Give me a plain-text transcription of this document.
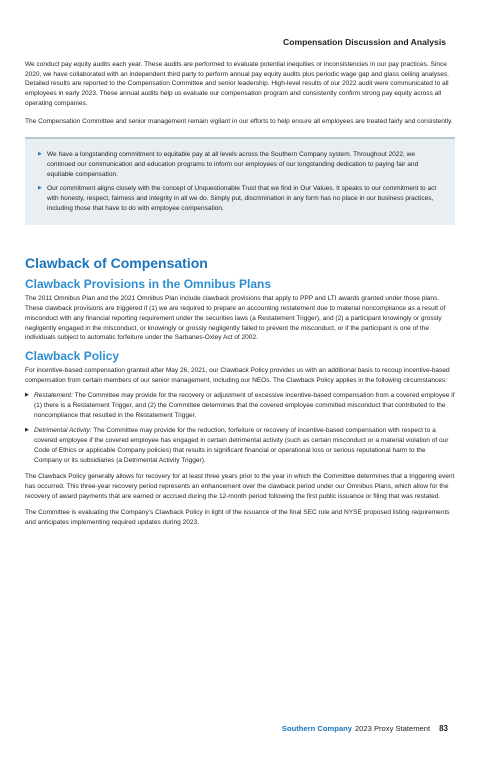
Compensation Discussion and Analysis

We conduct pay equity audits each year. These audits are performed to evaluate potential inequities or inconsistencies in our pay practices. Since 2020, we have collaborated with an independent third party to perform annual pay equity audits plus periodic wage gap and glass ceiling analyses. Detailed results are reported to the Compensation Committee and senior leadership. High-level results of our 2022 audit were communicated to all employees in early 2023. These annual audits help us evaluate our compensation program and consistently confirm strong pay equity across all operating companies.

The Compensation Committee and senior management remain vigilant in our efforts to help ensure all employees are treated fairly and consistently.

▶ We have a longstanding commitment to equitable pay at all levels across the Southern Company system. Throughout 2022, we continued our communication and education programs to inform our employees of our longstanding dedication to paying fair and equitable compensation.
▶ Our commitment aligns closely with the concept of Unquestionable Trust that we find in Our Values. It speaks to our commitment to act with honesty, respect, fairness and integrity in all we do. Simply put, discrimination in any form has no place in our business practices, including those that have to do with employee compensation.
Clawback of Compensation
Clawback Provisions in the Omnibus Plans

The 2011 Omnibus Plan and the 2021 Omnibus Plan include clawback provisions that apply to PPP and LTI awards granted under those plans. These clawback provisions are triggered if (1) we are required to prepare an accounting restatement due to material noncompliance as a result of misconduct with any financial reporting requirement under the securities laws (a Restatement Trigger), and (2) a participant knowingly or grossly negligently engaged in the misconduct, or knowingly or grossly negligently failed to prevent the misconduct, or if the participant is one of the individuals subject to automatic forfeiture under the Sarbanes-Oxley Act of 2002.

Clawback Policy

For incentive-based compensation granted after May 26, 2021, our Clawback Policy provides us with an additional basis to recoup incentive-based compensation from certain members of our senior management, including our NEOs. The Clawback Policy applies in the following circumstances:

▶ Restatement: The Committee may provide for the recovery or adjustment of excessive incentive-based compensation from a covered employee if (1) there is a Restatement Trigger, and (2) the Committee determines that the covered employee committed misconduct that contributed to the noncompliance that resulted in the Restatement Trigger.
▶ Detrimental Activity: The Committee may provide for the reduction, forfeiture or recovery of incentive-based compensation with respect to a covered employee if the covered employee has engaged in certain detrimental activity (such as certain misconduct or a material violation of our Code of Ethics or applicable Company policies) that results in significant financial or operational loss or serious reputational harm to the Company or its subsidiaries (a Detrimental Activity Trigger).

The Clawback Policy generally allows for recovery for at least three years prior to the year in which the Committee determines that a triggering event has occurred. This three-year recovery period represents an enhancement over the clawback period under our Omnibus Plans, which allow for the recovery of award payments that are earned or accrued during the 12-month period following the first public issuance or filing that was restated.

The Committee is evaluating the Company’s Clawback Policy in light of the issuance of the final SEC rule and NYSE proposed listing requirements and anticipates implementing required updates during 2023.

Southern Company 2023 Proxy Statement 83
